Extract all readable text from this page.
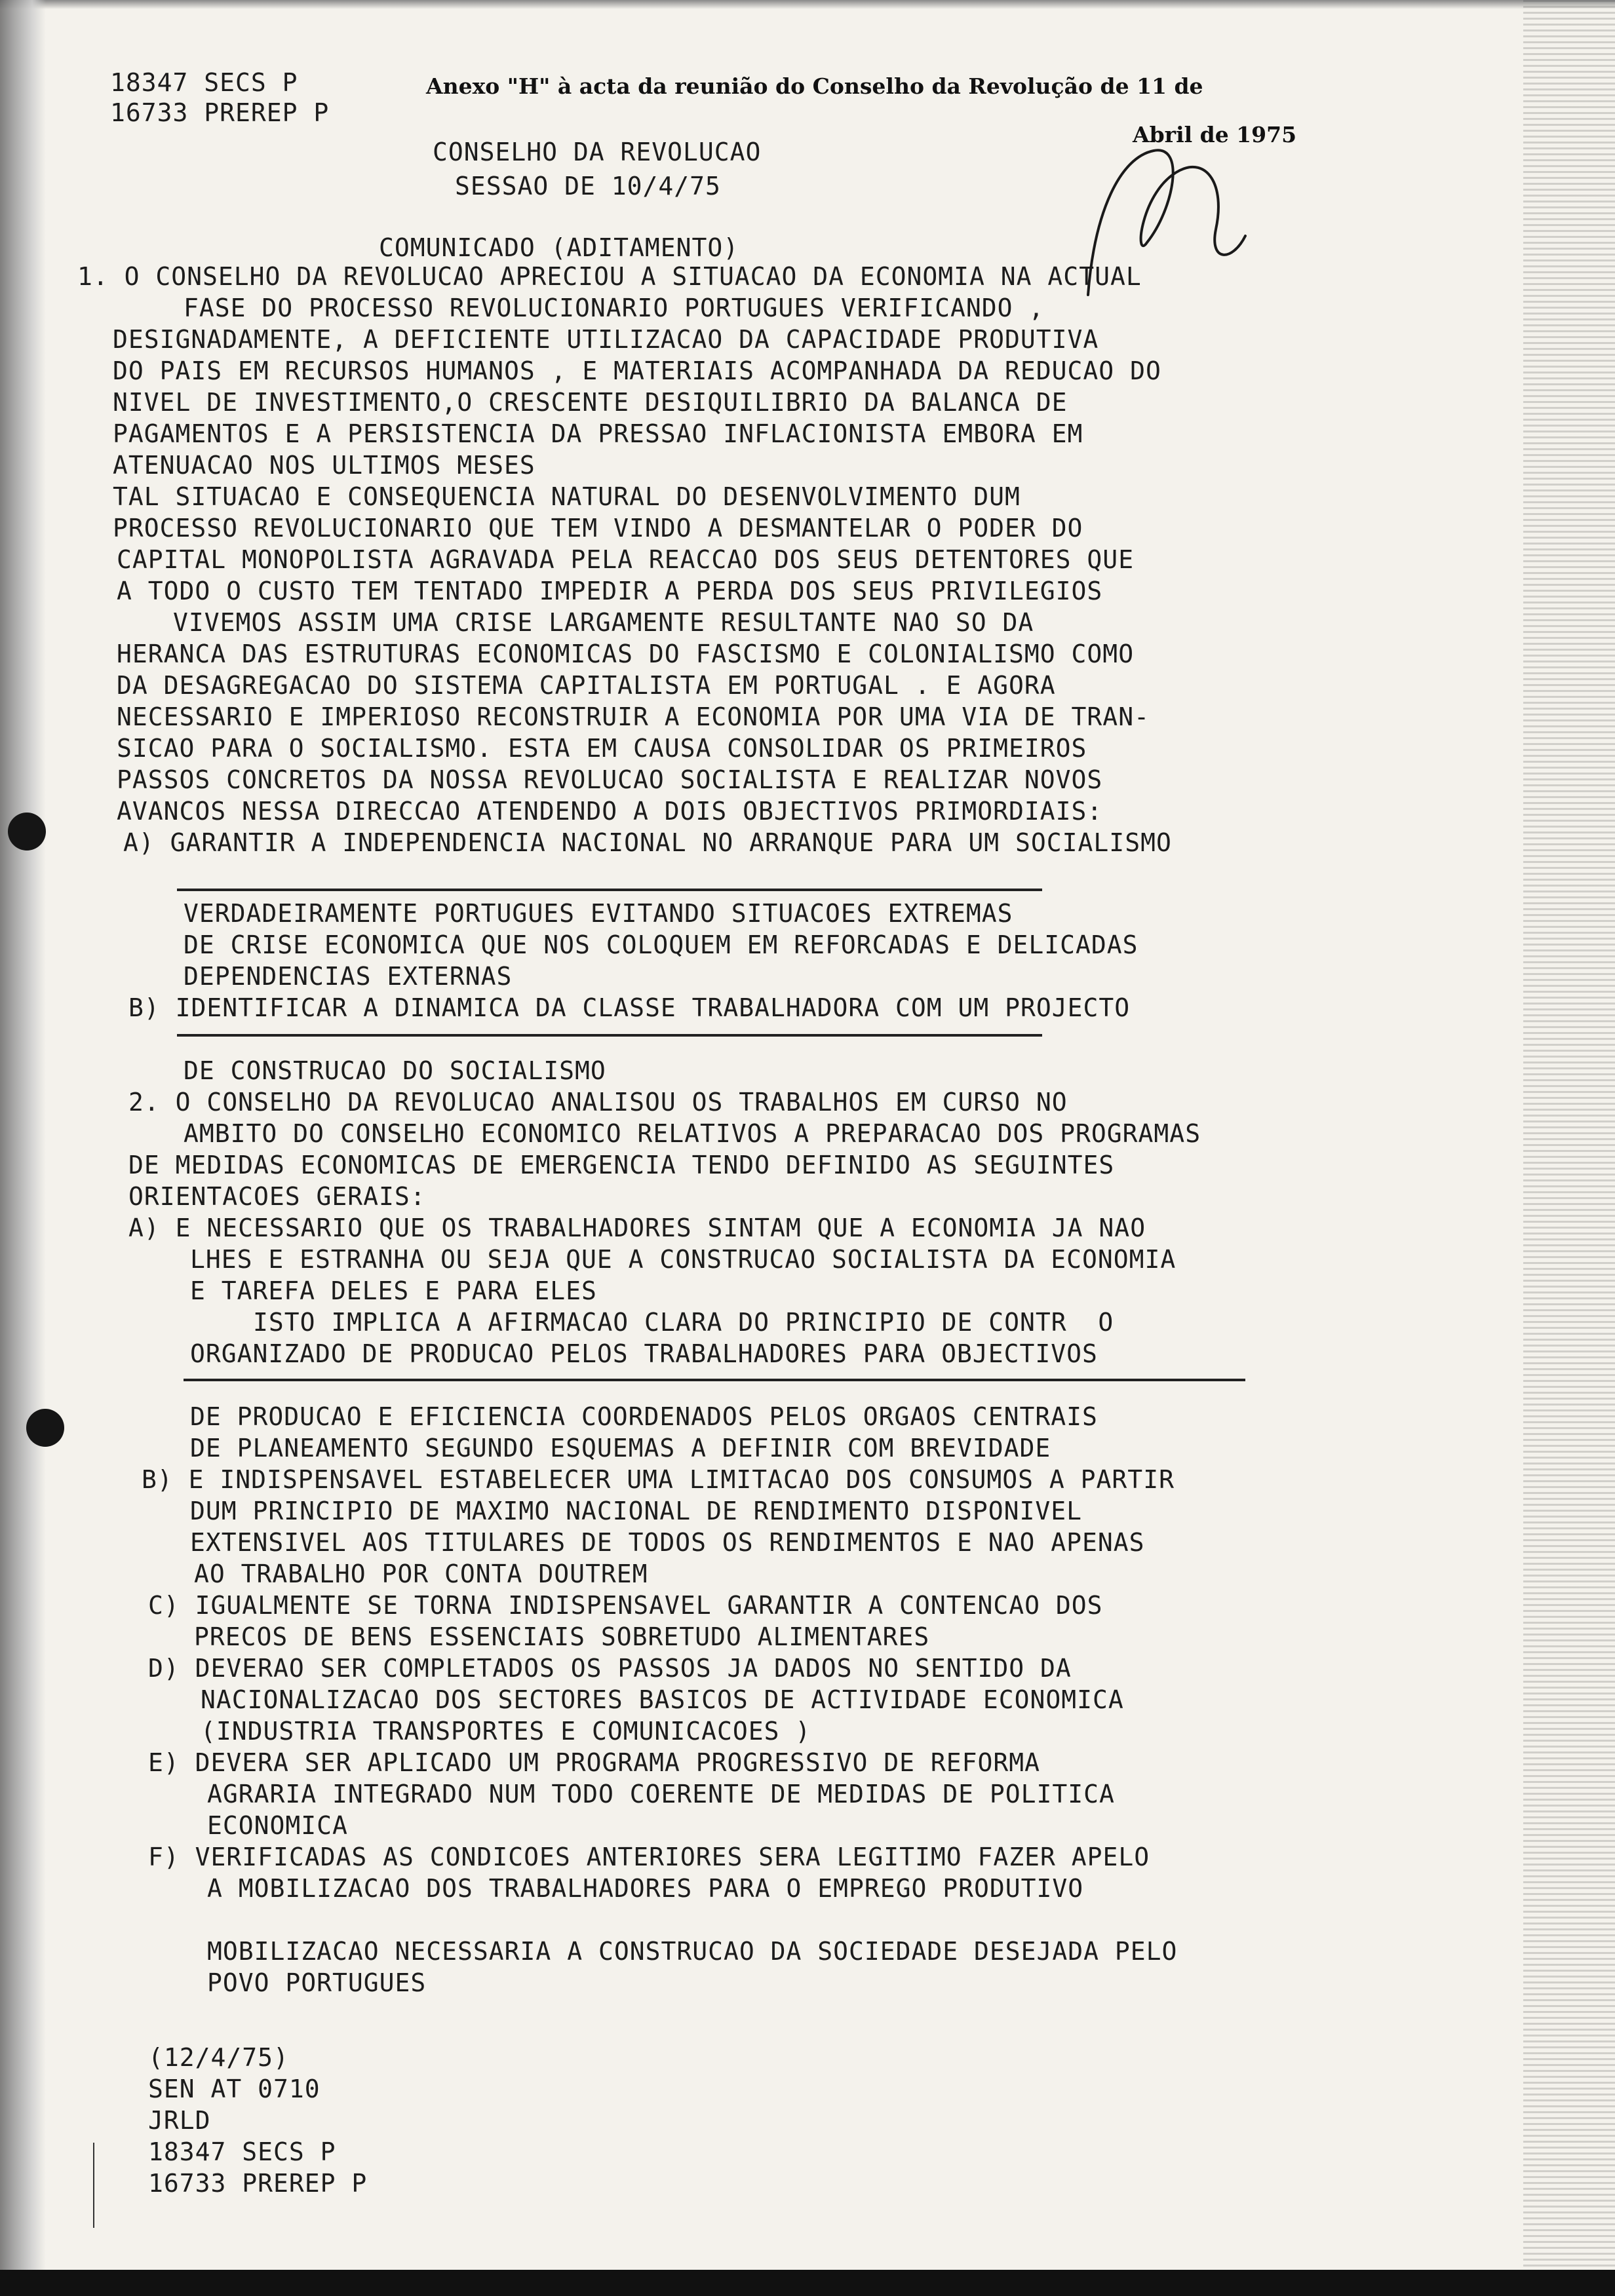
18347 SECS P
16733 PREREP P
Anexo "H" à acta da reunião do Conselho da Revolução de 11 de
Abril de 1975
CONSELHO DA REVOLUCAO
SESSAO DE 10/4/75
COMUNICADO (ADITAMENTO)
1. O CONSELHO DA REVOLUCAO APRECIOU A SITUACAO DA ECONOMIA NA ACTUAL
FASE DO PROCESSO REVOLUCIONARIO PORTUGUES VERIFICANDO ,
DESIGNADAMENTE, A DEFICIENTE UTILIZACAO DA CAPACIDADE PRODUTIVA
DO PAIS EM RECURSOS HUMANOS , E MATERIAIS ACOMPANHADA DA REDUCAO DO
NIVEL DE INVESTIMENTO,O CRESCENTE DESIQUILIBRIO DA BALANCA DE
PAGAMENTOS E A PERSISTENCIA DA PRESSAO INFLACIONISTA EMBORA EM
ATENUACAO NOS ULTIMOS MESES
TAL SITUACAO E CONSEQUENCIA NATURAL DO DESENVOLVIMENTO DUM
PROCESSO REVOLUCIONARIO QUE TEM VINDO A DESMANTELAR O PODER DO
CAPITAL MONOPOLISTA AGRAVADA PELA REACCAO DOS SEUS DETENTORES QUE
A TODO O CUSTO TEM TENTADO IMPEDIR A PERDA DOS SEUS PRIVILEGIOS
VIVEMOS ASSIM UMA CRISE LARGAMENTE RESULTANTE NAO SO DA
HERANCA DAS ESTRUTURAS ECONOMICAS DO FASCISMO E COLONIALISMO COMO
DA DESAGREGACAO DO SISTEMA CAPITALISTA EM PORTUGAL . E AGORA
NECESSARIO E IMPERIOSO RECONSTRUIR A ECONOMIA POR UMA VIA DE TRAN-
SICAO PARA O SOCIALISMO. ESTA EM CAUSA CONSOLIDAR OS PRIMEIROS
PASSOS CONCRETOS DA NOSSA REVOLUCAO SOCIALISTA E REALIZAR NOVOS
AVANCOS NESSA DIRECCAO ATENDENDO A DOIS OBJECTIVOS PRIMORDIAIS:
A) GARANTIR A INDEPENDENCIA NACIONAL NO ARRANQUE PARA UM SOCIALISMO
VERDADEIRAMENTE PORTUGUES EVITANDO SITUACOES EXTREMAS
DE CRISE ECONOMICA QUE NOS COLOQUEM EM REFORCADAS E DELICADAS
DEPENDENCIAS EXTERNAS
B) IDENTIFICAR A DINAMICA DA CLASSE TRABALHADORA COM UM PROJECTO
DE CONSTRUCAO DO SOCIALISMO
2. O CONSELHO DA REVOLUCAO ANALISOU OS TRABALHOS EM CURSO NO
AMBITO DO CONSELHO ECONOMICO RELATIVOS A PREPARACAO DOS PROGRAMAS
DE MEDIDAS ECONOMICAS DE EMERGENCIA TENDO DEFINIDO AS SEGUINTES
ORIENTACOES GERAIS:
A) E NECESSARIO QUE OS TRABALHADORES SINTAM QUE A ECONOMIA JA NAO
LHES E ESTRANHA OU SEJA QUE A CONSTRUCAO SOCIALISTA DA ECONOMIA
E TAREFA DELES E PARA ELES
ISTO IMPLICA A AFIRMACAO CLARA DO PRINCIPIO DE CONTR  O
ORGANIZADO DE PRODUCAO PELOS TRABALHADORES PARA OBJECTIVOS
DE PRODUCAO E EFICIENCIA COORDENADOS PELOS ORGAOS CENTRAIS
DE PLANEAMENTO SEGUNDO ESQUEMAS A DEFINIR COM BREVIDADE
B) E INDISPENSAVEL ESTABELECER UMA LIMITACAO DOS CONSUMOS A PARTIR
DUM PRINCIPIO DE MAXIMO NACIONAL DE RENDIMENTO DISPONIVEL
EXTENSIVEL AOS TITULARES DE TODOS OS RENDIMENTOS E NAO APENAS
AO TRABALHO POR CONTA DOUTREM
C) IGUALMENTE SE TORNA INDISPENSAVEL GARANTIR A CONTENCAO DOS
PRECOS DE BENS ESSENCIAIS SOBRETUDO ALIMENTARES
D) DEVERAO SER COMPLETADOS OS PASSOS JA DADOS NO SENTIDO DA
NACIONALIZACAO DOS SECTORES BASICOS DE ACTIVIDADE ECONOMICA
(INDUSTRIA TRANSPORTES E COMUNICACOES )
E) DEVERA SER APLICADO UM PROGRAMA PROGRESSIVO DE REFORMA
AGRARIA INTEGRADO NUM TODO COERENTE DE MEDIDAS DE POLITICA
ECONOMICA
F) VERIFICADAS AS CONDICOES ANTERIORES SERA LEGITIMO FAZER APELO
A MOBILIZACAO DOS TRABALHADORES PARA O EMPREGO PRODUTIVO
MOBILIZACAO NECESSARIA A CONSTRUCAO DA SOCIEDADE DESEJADA PELO
POVO PORTUGUES
(12/4/75)
SEN AT 0710
JRLD
18347 SECS P
16733 PREREP P
